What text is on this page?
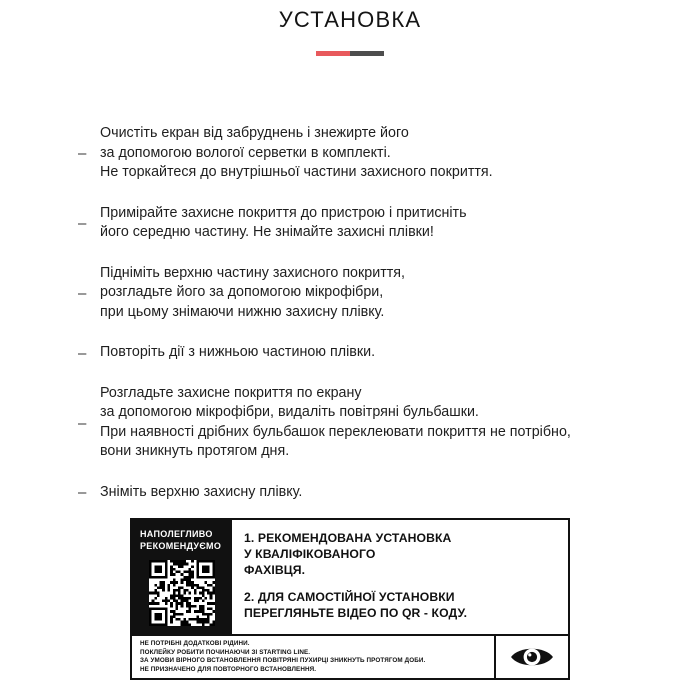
УСТАНОВКА
–
Очистіть екран від забруднень і знежирте його
за допомогою вологої серветки в комплекті.
Не торкайтеся до внутрішньої частини захисного покриття.
–
Примірайте захисне покриття до пристрою і притисніть
його середню частину. Не знімайте захисні плівки!
–
Підніміть верхню частину захисного покриття,
розгладьте його за допомогою мікрофібри,
при цьому знімаючи нижню захисну плівку.
– Повторіть дії з нижньою частиною плівки.
–
Розгладьте захисне покриття по екрану
за допомогою мікрофібри, видаліть повітряні бульбашки.
При наявності дрібних бульбашок переклеювати покриття не потрібно,
вони зникнуть протягом дня.
– Зніміть верхню захисну плівку.
НАПОЛЕГЛИВО
РЕКОМЕНДУЄМО
1. РЕКОМЕНДОВАНА УСТАНОВКА
У КВАЛІФІКОВАНОГО
ФАХІВЦЯ.
2. ДЛЯ САМОСТІЙНОЇ УСТАНОВКИ
ПЕРЕГЛЯНЬТЕ ВІДЕО ПО QR - КОДУ.
НЕ ПОТРІБНІ ДОДАТКОВІ РІДИНИ.
ПОКЛЕЙКУ РОБИТИ ПОЧИНАЮЧИ ЗІ STARTING LINE.
ЗА УМОВИ ВІРНОГО ВСТАНОВЛЕННЯ ПОВІТРЯНІ ПУХИРЦІ ЗНИКНУТЬ ПРОТЯГОМ ДОБИ.
НЕ ПРИЗНАЧЕНО ДЛЯ ПОВТОРНОГО ВСТАНОВЛЕННЯ.
